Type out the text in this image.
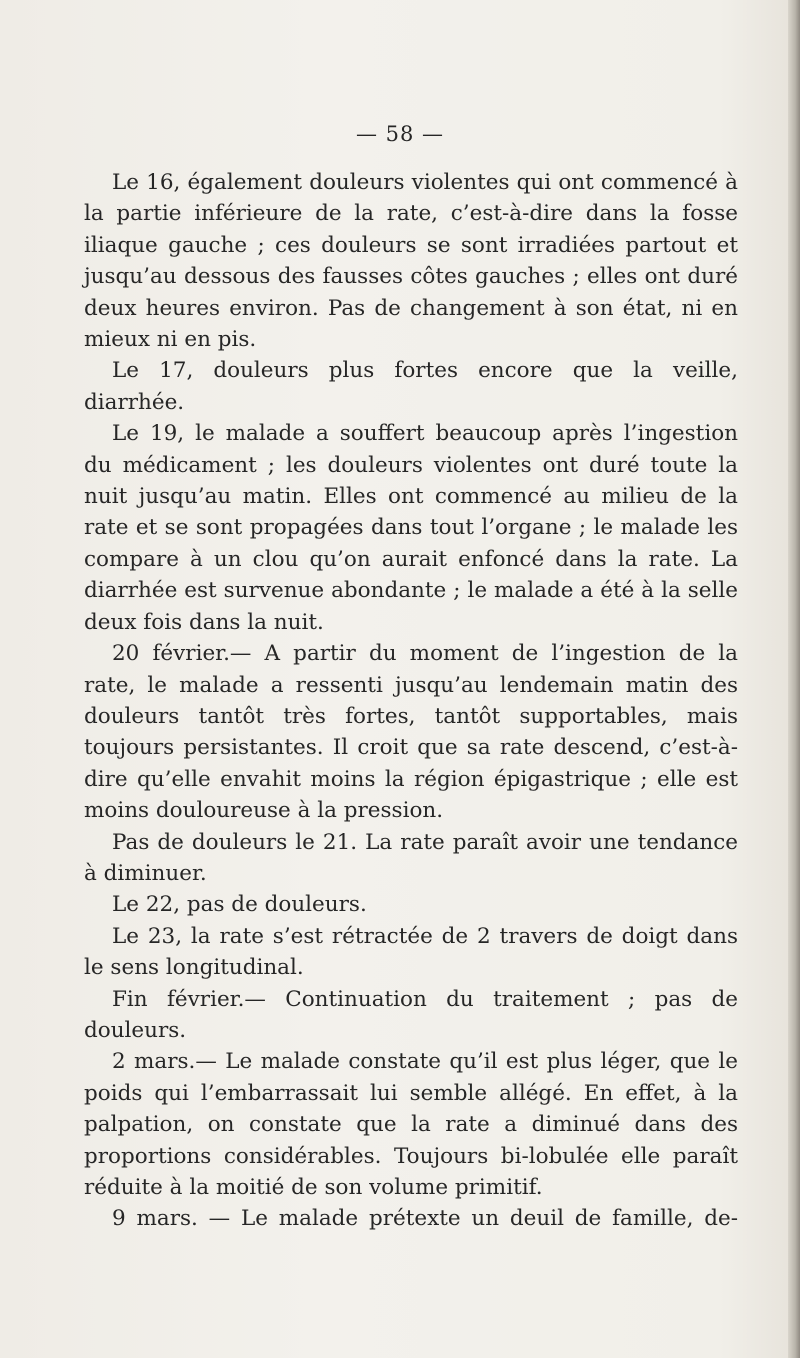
— 58 —

Le 16, également douleurs violentes qui ont commencé à la partie inférieure de la rate, c’est-à-dire dans la fosse iliaque gauche ; ces douleurs se sont irradiées partout et jusqu’au dessous des fausses côtes gauches ; elles ont duré deux heures environ. Pas de changement à son état, ni en mieux ni en pis.

Le 17, douleurs plus fortes encore que la veille, diarrhée.

Le 19, le malade a souffert beaucoup après l’ingestion du médicament ; les douleurs violentes ont duré toute la nuit jusqu’au matin. Elles ont commencé au milieu de la rate et se sont propagées dans tout l’organe ; le malade les compare à un clou qu’on aurait enfoncé dans la rate. La diarrhée est survenue abondante ; le malade a été à la selle deux fois dans la nuit.

20 février.— A partir du moment de l’ingestion de la rate, le malade a ressenti jusqu’au lendemain matin des douleurs tantôt très fortes, tantôt supportables, mais toujours persistantes. Il croit que sa rate descend, c’est-à-dire qu’elle envahit moins la région épigastrique ; elle est moins douloureuse à la pression.

Pas de douleurs le 21. La rate paraît avoir une tendance à diminuer.

Le 22, pas de douleurs.

Le 23, la rate s’est rétractée de 2 travers de doigt dans le sens longitudinal.

Fin février.— Continuation du traitement ; pas de douleurs.

2 mars.— Le malade constate qu’il est plus léger, que le poids qui l’embarrassait lui semble allégé. En effet, à la palpation, on constate que la rate a diminué dans des proportions considérables. Toujours bi-lobulée elle paraît réduite à la moitié de son volume primitif.

9 mars. — Le malade prétexte un deuil de famille, de-
